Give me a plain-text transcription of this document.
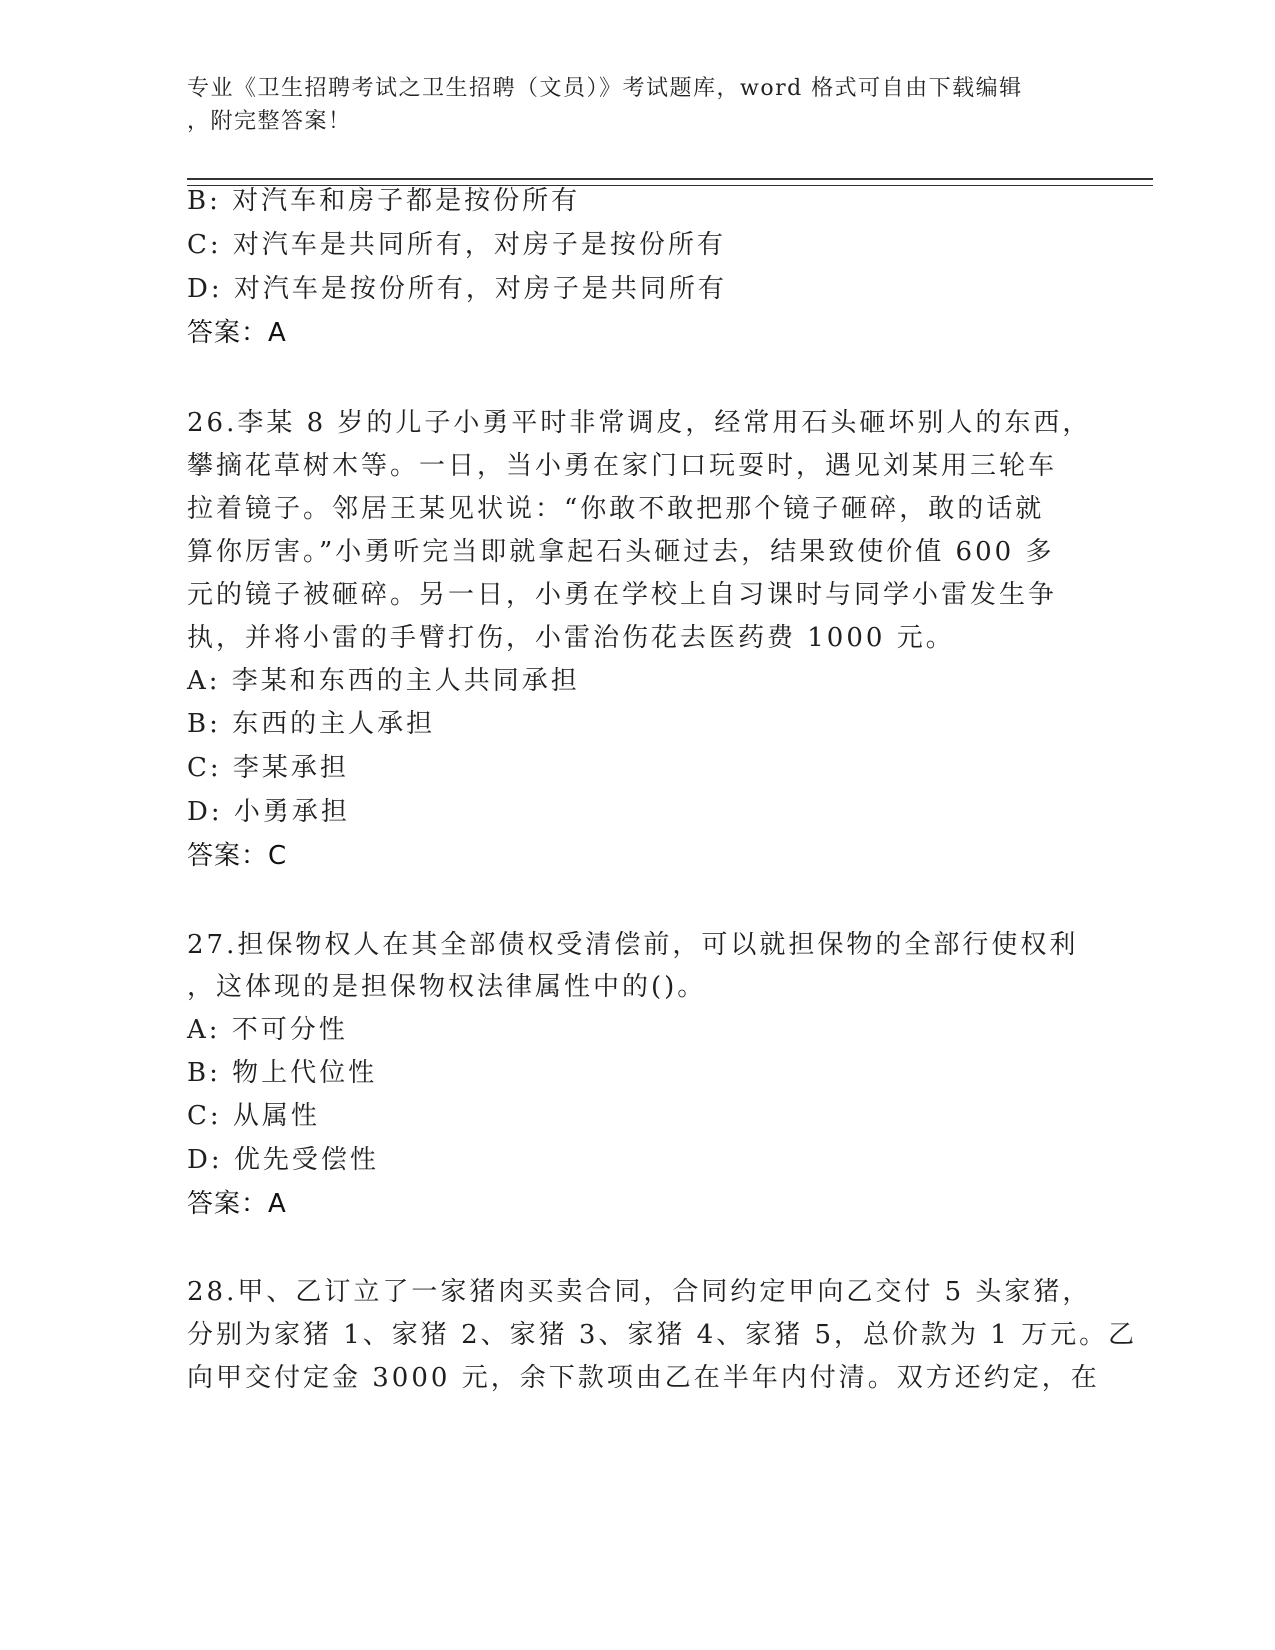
专业《卫生招聘考试之卫生招聘（文员）》考试题库，word 格式可自由下载编辑
，附完整答案！
B: 对汽车和房子都是按份所有
C: 对汽车是共同所有，对房子是按份所有
D: 对汽车是按份所有，对房子是共同所有
答案：A
26.李某 8 岁的儿子小勇平时非常调皮，经常用石头砸坏别人的东西，
攀摘花草树木等。一日，当小勇在家门口玩耍时，遇见刘某用三轮车
拉着镜子。邻居王某见状说：“你敢不敢把那个镜子砸碎，敢的话就
算你厉害。”小勇听完当即就拿起石头砸过去，结果致使价值 600 多
元的镜子被砸碎。另一日，小勇在学校上自习课时与同学小雷发生争
执，并将小雷的手臂打伤，小雷治伤花去医药费 1000 元。
A: 李某和东西的主人共同承担
B: 东西的主人承担
C: 李某承担
D: 小勇承担
答案：C
27.担保物权人在其全部债权受清偿前，可以就担保物的全部行使权利
，这体现的是担保物权法律属性中的()。
A: 不可分性
B: 物上代位性
C: 从属性
D: 优先受偿性
答案：A
28.甲、乙订立了一家猪肉买卖合同，合同约定甲向乙交付 5 头家猪，
分别为家猪 1、家猪 2、家猪 3、家猪 4、家猪 5，总价款为 1 万元。乙
向甲交付定金 3000 元，余下款项由乙在半年内付清。双方还约定，在
